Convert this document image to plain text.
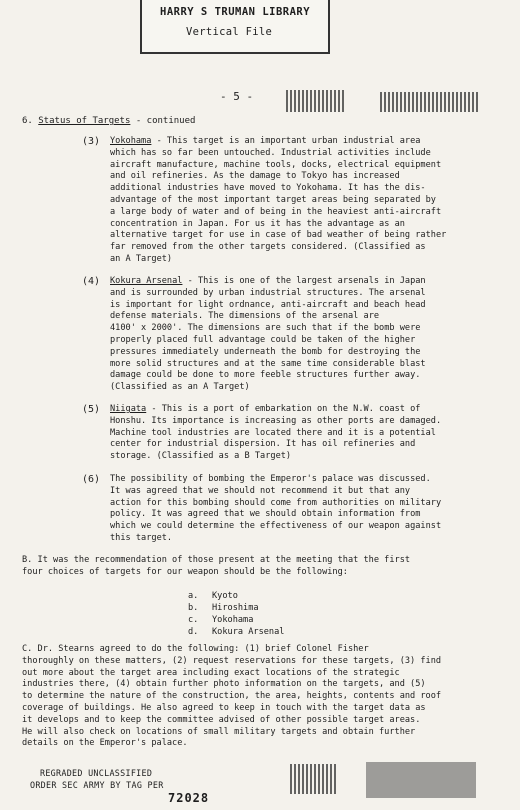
HARRY S TRUMAN LIBRARY
Vertical File
- 5 -
6. Status of Targets - continued
(3) Yokohama - This target is an important urban industrial area
which has so far been untouched. Industrial activities include
aircraft manufacture, machine tools, docks, electrical equipment
and oil refineries. As the damage to Tokyo has increased
additional industries have moved to Yokohama. It has the dis-
advantage of the most important target areas being separated by
a large body of water and of being in the heaviest anti-aircraft
concentration in Japan. For us it has the advantage as an
alternative target for use in case of bad weather of being rather
far removed from the other targets considered. (Classified as
an A Target)
(4) Kokura Arsenal - This is one of the largest arsenals in Japan
and is surrounded by urban industrial structures. The arsenal
is important for light ordnance, anti-aircraft and beach head
defense materials. The dimensions of the arsenal are
4100' x 2000'. The dimensions are such that if the bomb were
properly placed full advantage could be taken of the higher
pressures immediately underneath the bomb for destroying the
more solid structures and at the same time considerable blast
damage could be done to more feeble structures further away.
(Classified as an A Target)
(5) Niigata - This is a port of embarkation on the N.W. coast of
Honshu. Its importance is increasing as other ports are damaged.
Machine tool industries are located there and it is a potential
center for industrial dispersion. It has oil refineries and
storage. (Classified as a B Target)
(6) The possibility of bombing the Emperor's palace was discussed.
It was agreed that we should not recommend it but that any
action for this bombing should come from authorities on military
policy. It was agreed that we should obtain information from
which we could determine the effectiveness of our weapon against
this target.
B. It was the recommendation of those present at the meeting that the first
four choices of targets for our weapon should be the following:
a. Kyoto
b. Hiroshima
c. Yokohama
d. Kokura Arsenal
C. Dr. Stearns agreed to do the following: (1) brief Colonel Fisher
thoroughly on these matters, (2) request reservations for these targets, (3) find
out more about the target area including exact locations of the strategic
industries there, (4) obtain further photo information on the targets, and (5)
to determine the nature of the construction, the area, heights, contents and roof
coverage of buildings. He also agreed to keep in touch with the target data as
it develops and to keep the committee advised of other possible target areas.
He will also check on locations of small military targets and obtain further
details on the Emperor's palace.
REGRADED UNCLASSIFIED
ORDER SEC ARMY BY TAG PER
72028
